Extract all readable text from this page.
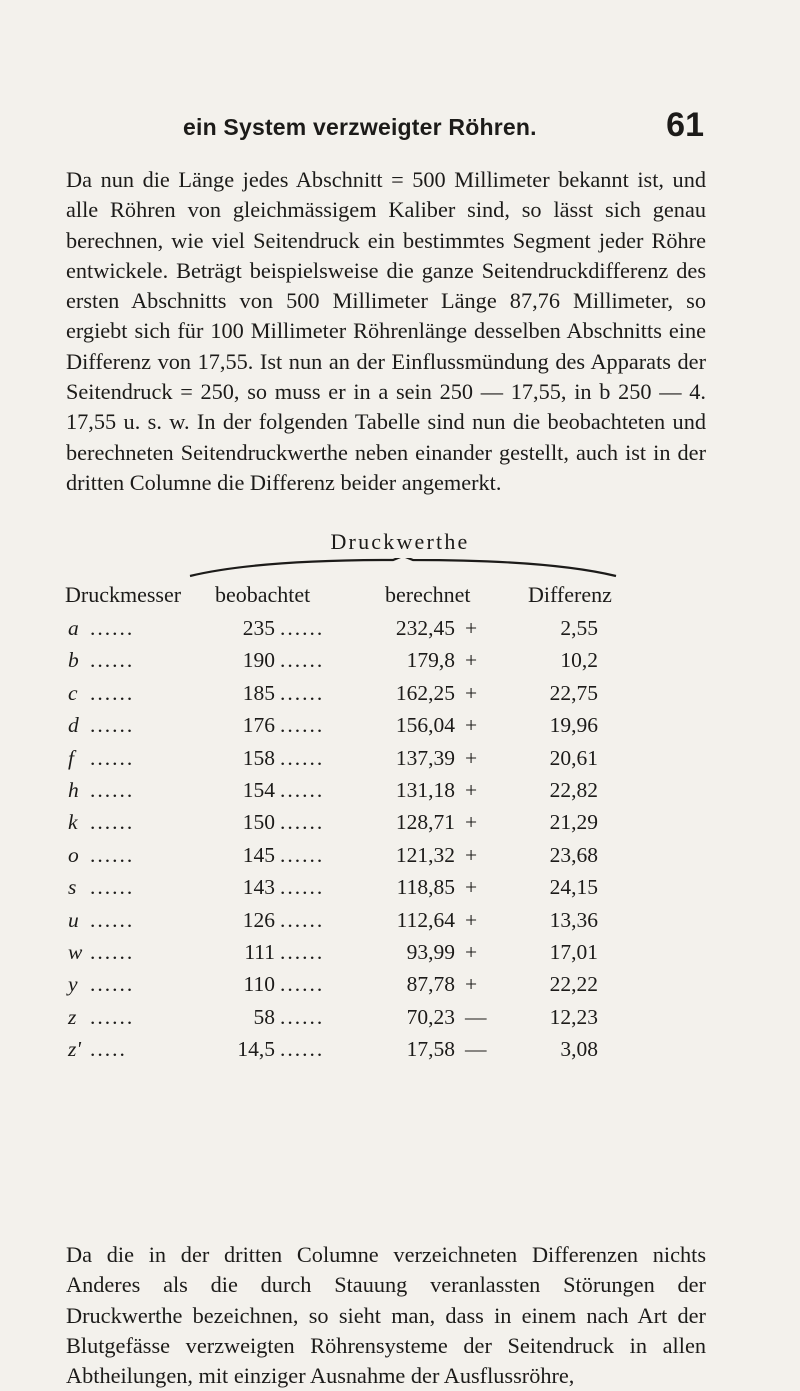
ein System verzweigter Röhren.	61
Da nun die Länge jedes Abschnitt = 500 Millimeter bekannt ist, und alle Röhren von gleichmässigem Kaliber sind, so lässt sich genau berechnen, wie viel Seitendruck ein bestimmtes Segment jeder Röhre entwickele. Beträgt beispielsweise die ganze Seitendruckdifferenz des ersten Abschnitts von 500 Millimeter Länge 87,76 Millimeter, so ergiebt sich für 100 Millimeter Röhrenlänge desselben Abschnitts eine Differenz von 17,55. Ist nun an der Einflussmündung des Apparats der Seitendruck = 250, so muss er in a sein 250 — 17,55, in b 250 — 4. 17,55 u. s. w. In der folgenden Tabelle sind nun die beobachteten und berechneten Seitendruckwerthe neben einander gestellt, auch ist in der dritten Columne die Differenz beider angemerkt.
Druckwerthe
Druckmesser beobachtet	berechnet	Differenz
a ......	235 ......	232,45 +	2,55
b ......	190 ......	179,8 +	10,2
c ......	185 ......	162,25 +	22,75
d ......	176 ......	156,04 +	19,96
f ......	158 ......	137,39 +	20,61
h ......	154 ......	131,18 +	22,82
k ......	150 ......	128,71 +	21,29
o ......	145 ......	121,32 +	23,68
s ......	143 ......	118,85 +	24,15
u ......	126 ......	112,64 +	13,36
w ......	111 ......	93,99 +	17,01
y ......	110 ......	87,78 +	22,22
z ......	58 ......	70,23 —	12,23
z' .....	14,5 ......	17,58 —	3,08
Da die in der dritten Columne verzeichneten Differenzen nichts Anderes als die durch Stauung veranlassten Störungen der Druckwerthe bezeichnen, so sieht man, dass in einem nach Art der Blutgefässe verzweigten Röhrensysteme der Seitendruck in allen Abtheilungen, mit einziger Ausnahme der Ausflussröhre,
